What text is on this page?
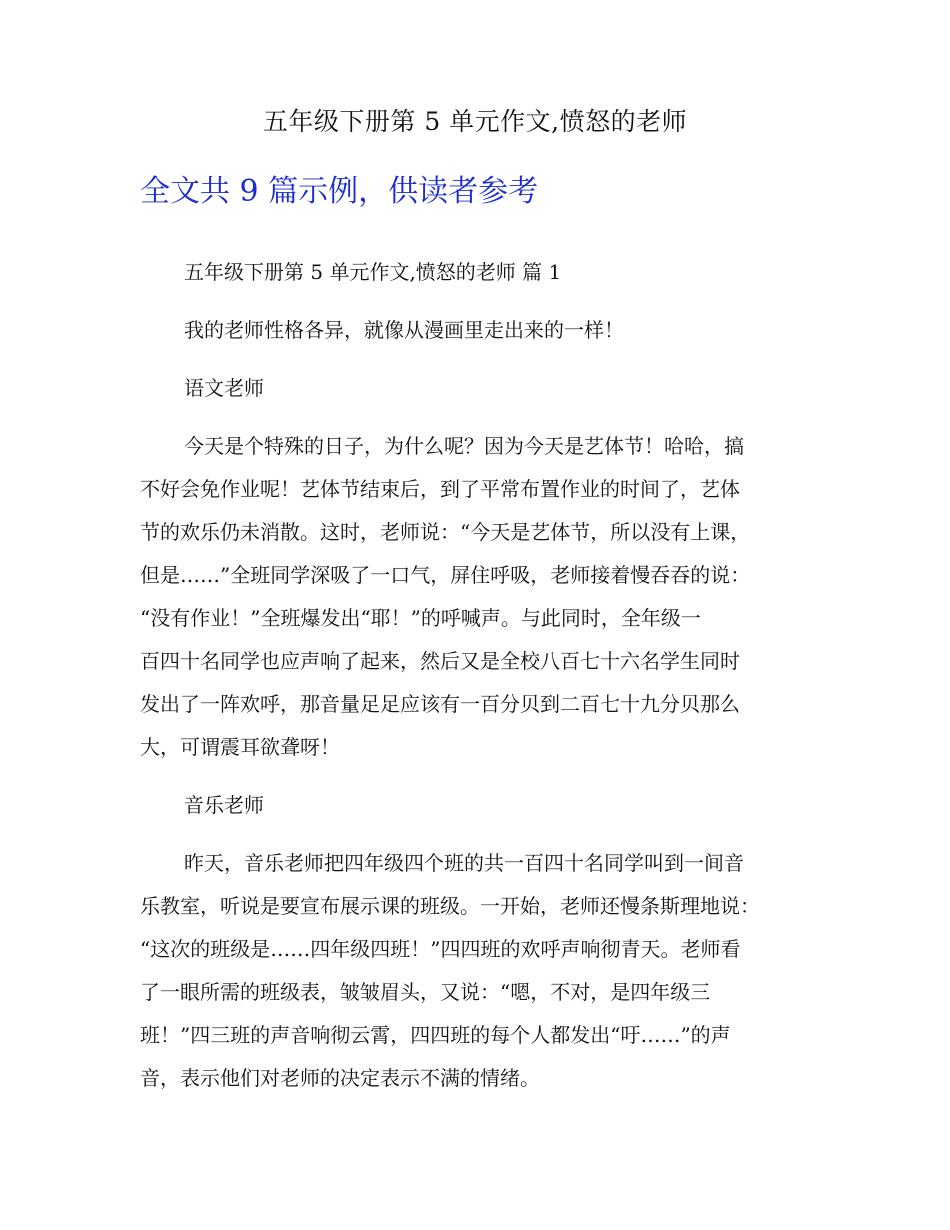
五年级下册第 5 单元作文,愤怒的老师
全文共 9 篇示例，供读者参考
五年级下册第 5 单元作文,愤怒的老师 篇 1
我的老师性格各异，就像从漫画里走出来的一样！
语文老师
今天是个特殊的日子，为什么呢？因为今天是艺体节！哈哈，搞
不好会免作业呢！艺体节结束后，到了平常布置作业的时间了，艺体
节的欢乐仍未消散。这时，老师说：“今天是艺体节，所以没有上课，
但是……”全班同学深吸了一口气，屏住呼吸，老师接着慢吞吞的说：
“没有作业！”全班爆发出“耶！”的呼喊声。与此同时，全年级一
百四十名同学也应声响了起来，然后又是全校八百七十六名学生同时
发出了一阵欢呼，那音量足足应该有一百分贝到二百七十九分贝那么
大，可谓震耳欲聋呀！
音乐老师
昨天，音乐老师把四年级四个班的共一百四十名同学叫到一间音
乐教室，听说是要宣布展示课的班级。一开始，老师还慢条斯理地说：
“这次的班级是……四年级四班！”四四班的欢呼声响彻青天。老师看
了一眼所需的班级表，皱皱眉头，又说：“嗯，不对，是四年级三
班！”四三班的声音响彻云霄，四四班的每个人都发出“吁……”的声
音，表示他们对老师的决定表示不满的情绪。
